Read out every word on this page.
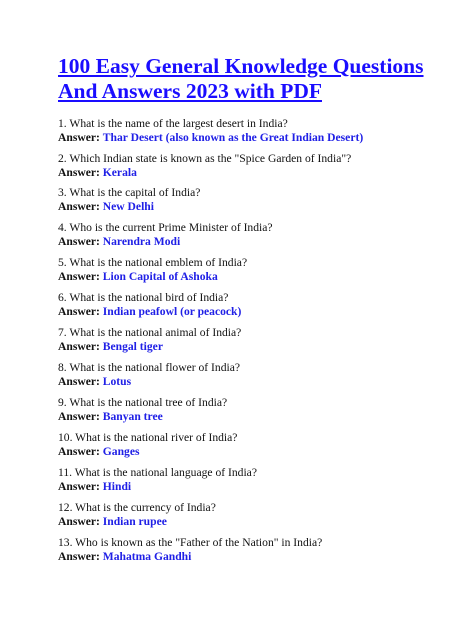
100 Easy General Knowledge Questions
And Answers 2023 with PDF
1. What is the name of the largest desert in India?
Answer: Thar Desert (also known as the Great Indian Desert)
2. Which Indian state is known as the "Spice Garden of India"?
Answer: Kerala
3. What is the capital of India?
Answer: New Delhi
4. Who is the current Prime Minister of India?
Answer: Narendra Modi
5. What is the national emblem of India?
Answer: Lion Capital of Ashoka
6. What is the national bird of India?
Answer: Indian peafowl (or peacock)
7. What is the national animal of India?
Answer: Bengal tiger
8. What is the national flower of India?
Answer: Lotus
9. What is the national tree of India?
Answer: Banyan tree
10. What is the national river of India?
Answer: Ganges
11. What is the national language of India?
Answer: Hindi
12. What is the currency of India?
Answer: Indian rupee
13. Who is known as the "Father of the Nation" in India?
Answer: Mahatma Gandhi
